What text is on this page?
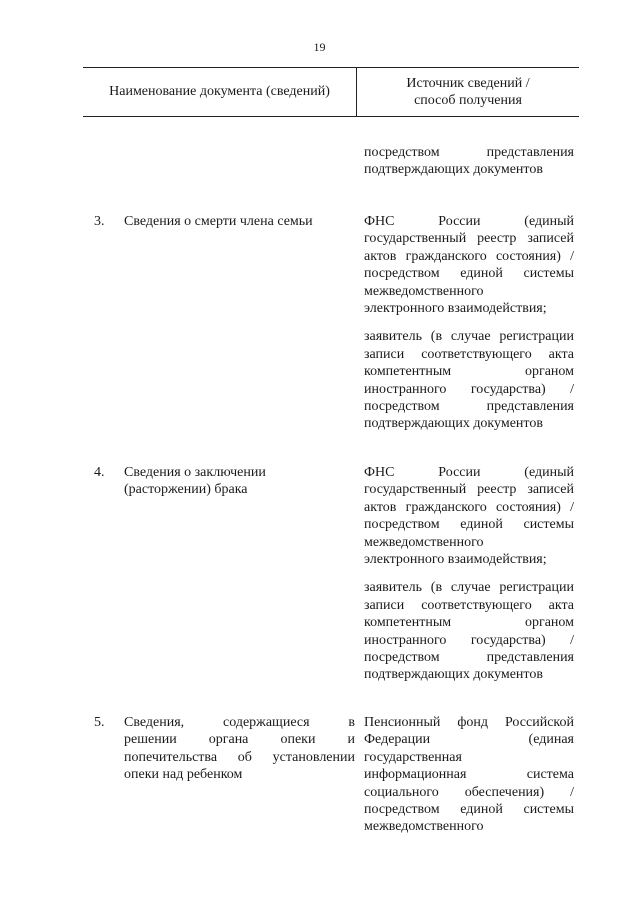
19
Наименование документа (сведений)
Источник сведений /
способ получения

посредством представления
подтверждающих документов

3. Сведения о смерти члена семьи	ФНС России (единый
государственный реестр записей
актов гражданского состояния) /
посредством единой системы
межведомственного
электронного взаимодействия;

заявитель (в случае регистрации
записи соответствующего акта
компетентным органом
иностранного государства) /
посредством представления
подтверждающих документов

4. Сведения о заключении
(расторжении) брака

ФНС России (единый
государственный реестр записей
актов гражданского состояния) /
посредством единой системы
межведомственного
электронного взаимодействия;

заявитель (в случае регистрации
записи соответствующего акта
компетентным органом
иностранного государства) /
посредством представления
подтверждающих документов

5. Сведения, содержащиеся в
решении органа опеки и
попечительства об установлении
опеки над ребенком

Пенсионный фонд Российской
Федерации (единая
государственная
информационная система
социального обеспечения) /
посредством единой системы
межведомственного
